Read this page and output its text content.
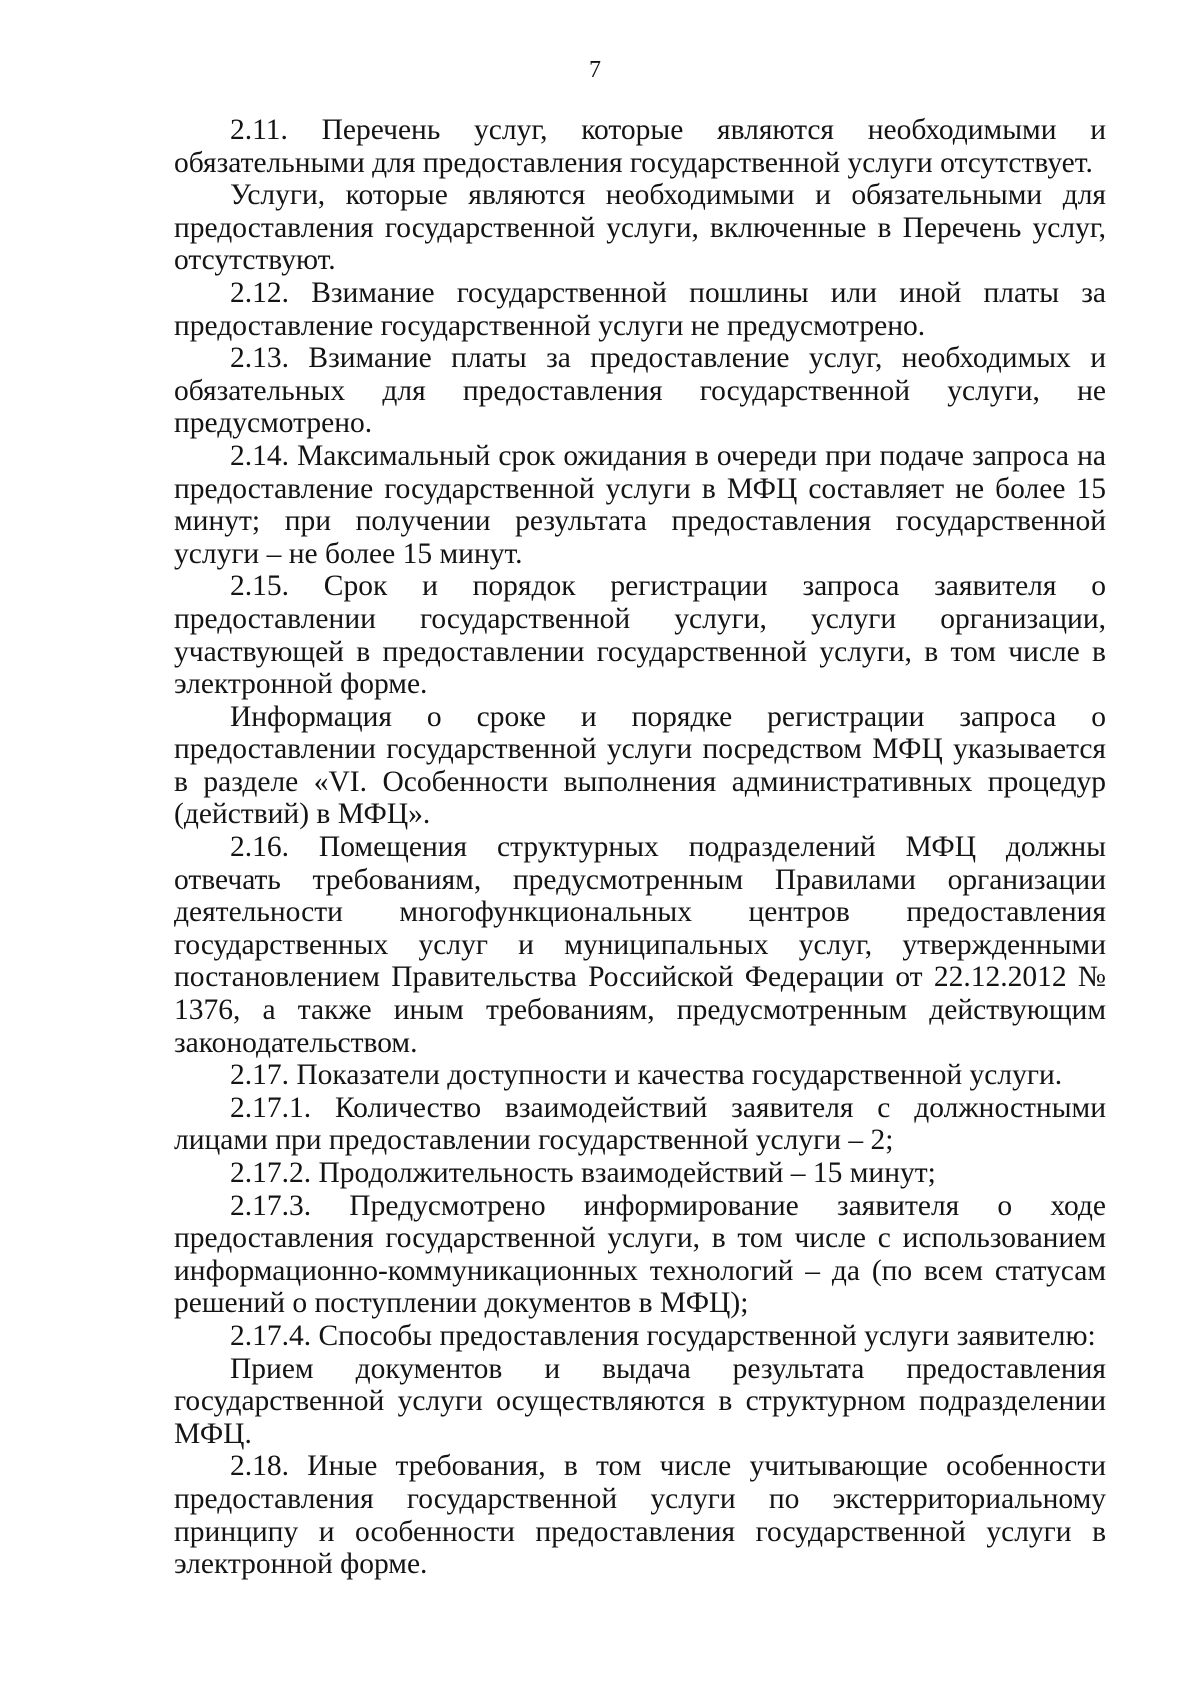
7

2.11. Перечень услуг, которые являются необходимыми и обязательными для предоставления государственной услуги отсутствует.

Услуги, которые являются необходимыми и обязательными для предоставления государственной услуги, включенные в Перечень услуг, отсутствуют.

2.12. Взимание государственной пошлины или иной платы за предоставление государственной услуги не предусмотрено.

2.13. Взимание платы за предоставление услуг, необходимых и обязательных для предоставления государственной услуги, не предусмотрено.

2.14. Максимальный срок ожидания в очереди при подаче запроса на предоставление государственной услуги в МФЦ составляет не более 15 минут; при получении результата предоставления государственной услуги – не более 15 минут.

2.15. Срок и порядок регистрации запроса заявителя о предоставлении государственной услуги, услуги организации, участвующей в предоставлении государственной услуги, в том числе в электронной форме.

Информация о сроке и порядке регистрации запроса о предоставлении государственной услуги посредством МФЦ указывается в разделе «VI. Особенности выполнения административных процедур (действий) в МФЦ».

2.16. Помещения структурных подразделений МФЦ должны отвечать требованиям, предусмотренным Правилами организации деятельности многофункциональных центров предоставления государственных услуг и муниципальных услуг, утвержденными постановлением Правительства Российской Федерации от 22.12.2012 № 1376, а также иным требованиям, предусмотренным действующим законодательством.

2.17. Показатели доступности и качества государственной услуги.

2.17.1. Количество взаимодействий заявителя с должностными лицами при предоставлении государственной услуги – 2;

2.17.2. Продолжительность взаимодействий – 15 минут;

2.17.3. Предусмотрено информирование заявителя о ходе предоставления государственной услуги, в том числе с использованием информационно-коммуникационных технологий – да (по всем статусам решений о поступлении документов в МФЦ);

2.17.4. Способы предоставления государственной услуги заявителю:

Прием документов и выдача результата предоставления государственной услуги осуществляются в структурном подразделении МФЦ.

2.18. Иные требования, в том числе учитывающие особенности предоставления государственной услуги по экстерриториальному принципу и особенности предоставления государственной услуги в электронной форме.
